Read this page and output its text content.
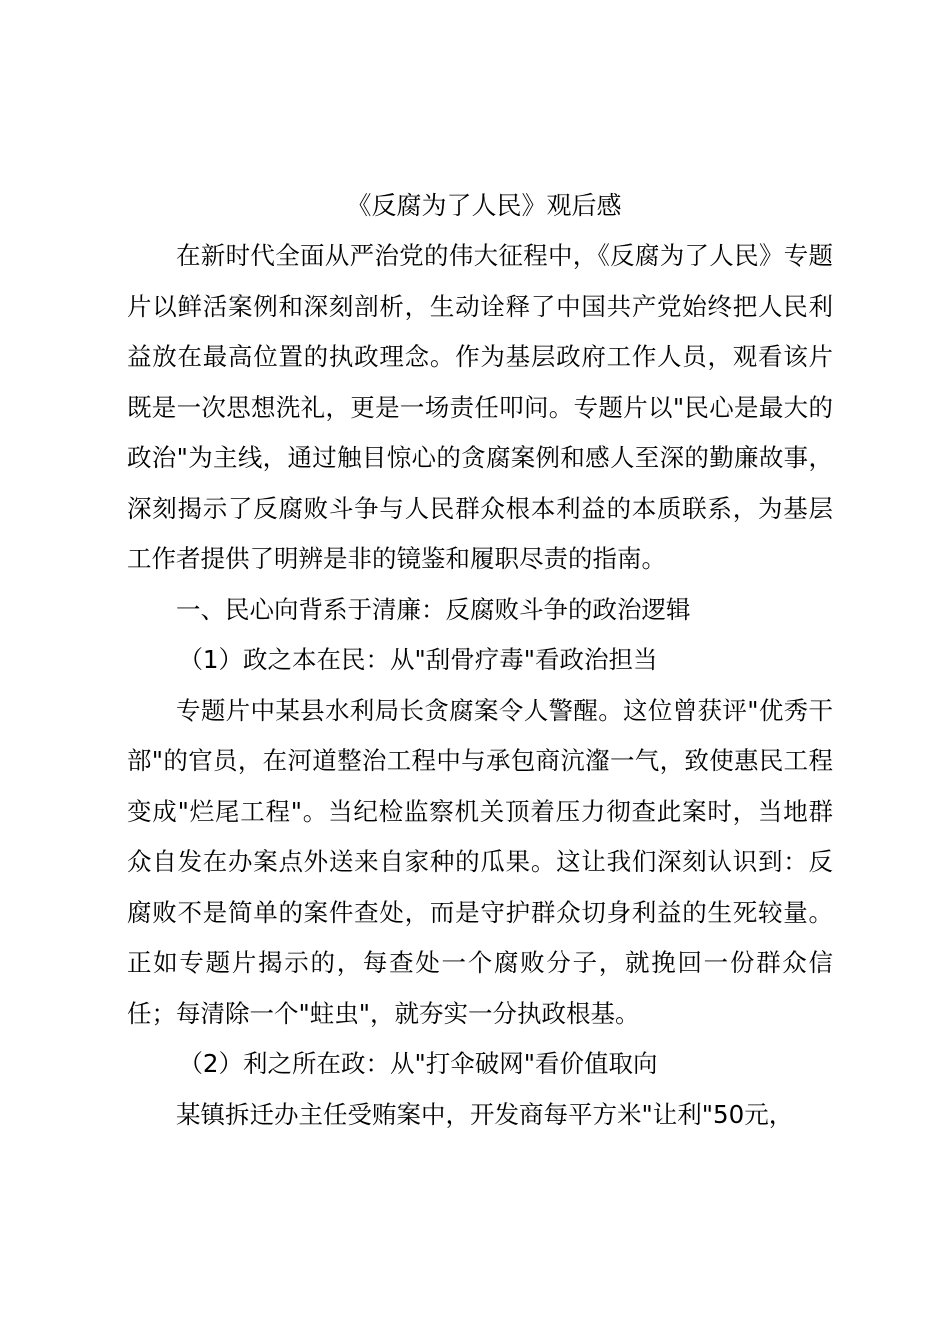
《反腐为了人民》观后感

在新时代全面从严治党的伟大征程中，《反腐为了人民》专题片以鲜活案例和深刻剖析，生动诠释了中国共产党始终把人民利益放在最高位置的执政理念。作为基层政府工作人员，观看该片既是一次思想洗礼，更是一场责任叩问。专题片以"民心是最大的政治"为主线，通过触目惊心的贪腐案例和感人至深的勤廉故事，深刻揭示了反腐败斗争与人民群众根本利益的本质联系，为基层工作者提供了明辨是非的镜鉴和履职尽责的指南。

一、民心向背系于清廉：反腐败斗争的政治逻辑

（1）政之本在民：从"刮骨疗毒"看政治担当

专题片中某县水利局长贪腐案令人警醒。这位曾获评"优秀干部"的官员，在河道整治工程中与承包商沆瀣一气，致使惠民工程变成"烂尾工程"。当纪检监察机关顶着压力彻查此案时，当地群众自发在办案点外送来自家种的瓜果。这让我们深刻认识到：反腐败不是简单的案件查处，而是守护群众切身利益的生死较量。正如专题片揭示的，每查处一个腐败分子，就挽回一份群众信任；每清除一个"蛀虫"，就夯实一分执政根基。

（2）利之所在政：从"打伞破网"看价值取向

某镇拆迁办主任受贿案中，开发商每平方米"让利"50元，
